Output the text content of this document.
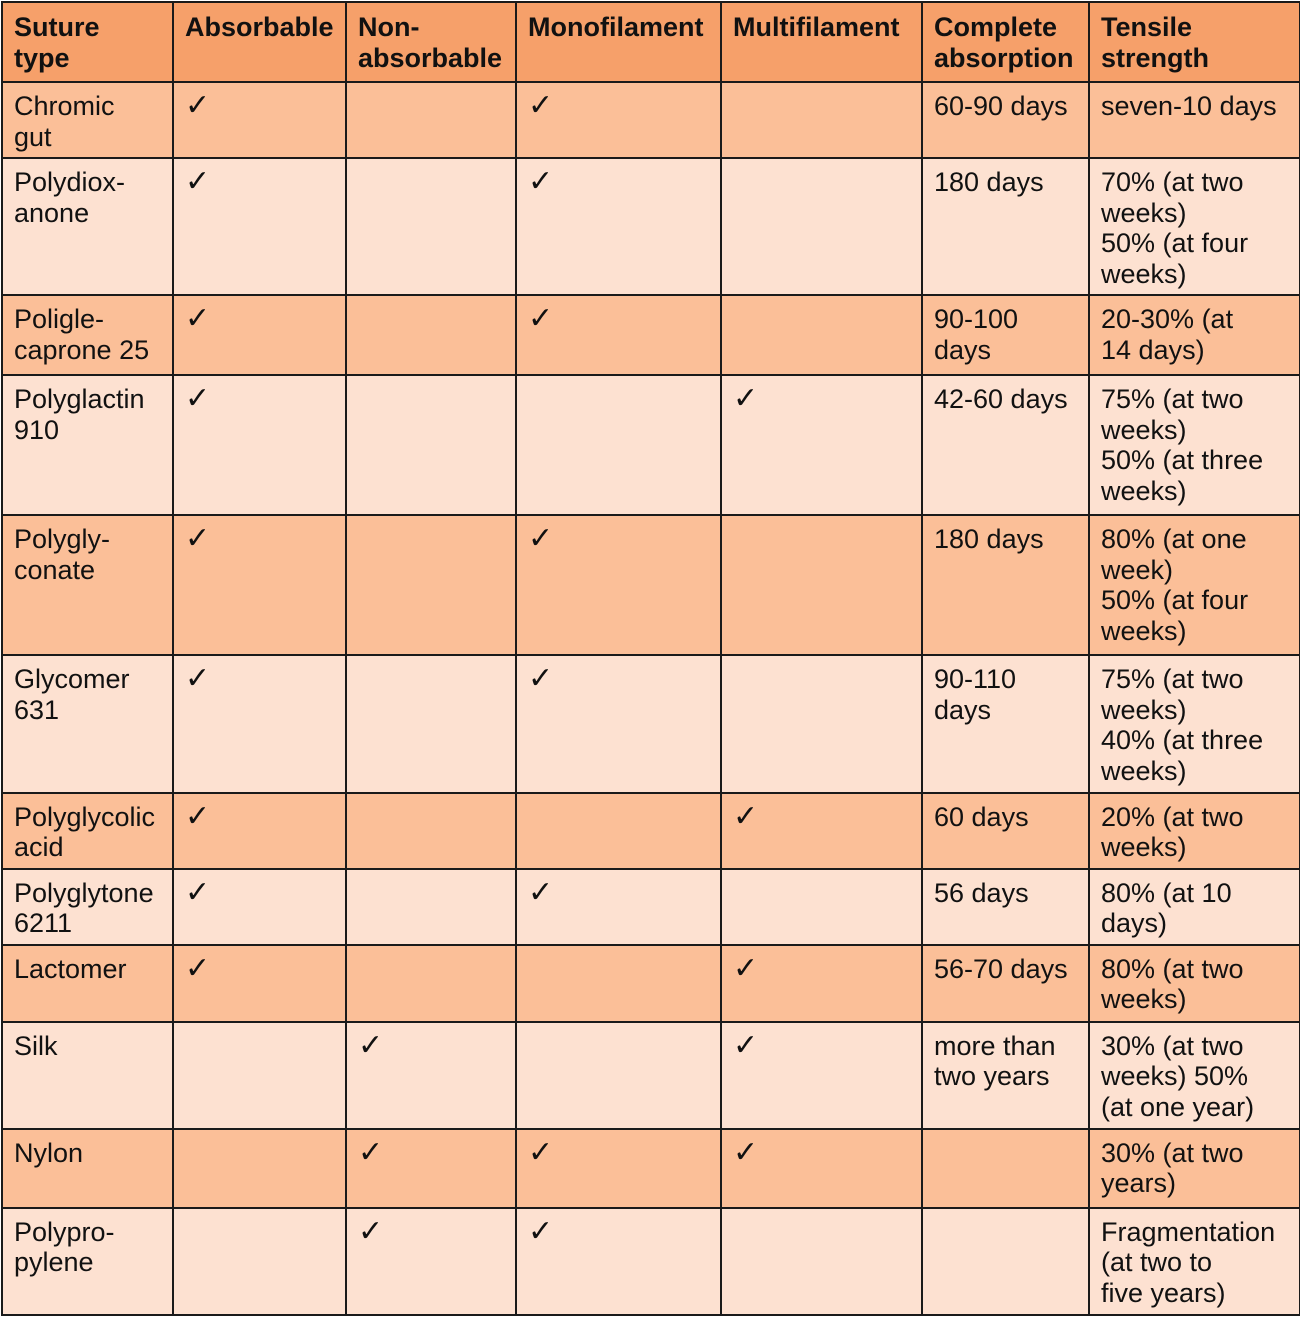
Suture
type	Absorbable	Non-
absorbable	Monofilament	Multifilament	Complete
absorption	Tensile
strength

Chromic
gut	✓		✓		60-90 days	seven-10 days

Polydiox-
anone	✓		✓		180 days	70% (at two
weeks)
50% (at four
weeks)

Poligle-
caprone 25	✓		✓		90-100
days	20-30% (at
14 days)

Polyglactin
910	✓			✓	42-60 days	75% (at two
weeks)
50% (at three
weeks)

Polygly-
conate	✓		✓		180 days	80% (at one
week)
50% (at four
weeks)

Glycomer
631	✓		✓		90-110
days	75% (at two
weeks)
40% (at three
weeks)

Polyglycolic
acid	✓			✓	60 days	20% (at two
weeks)

Polyglytone
6211	✓		✓		56 days	80% (at 10
days)

Lactomer	✓			✓	56-70 days	80% (at two
weeks)

Silk		✓		✓	more than
two years	30% (at two
weeks) 50%
(at one year)

Nylon		✓	✓	✓		30% (at two
years)

Polypro-
pylene		✓	✓			Fragmentation
(at two to
five years)
